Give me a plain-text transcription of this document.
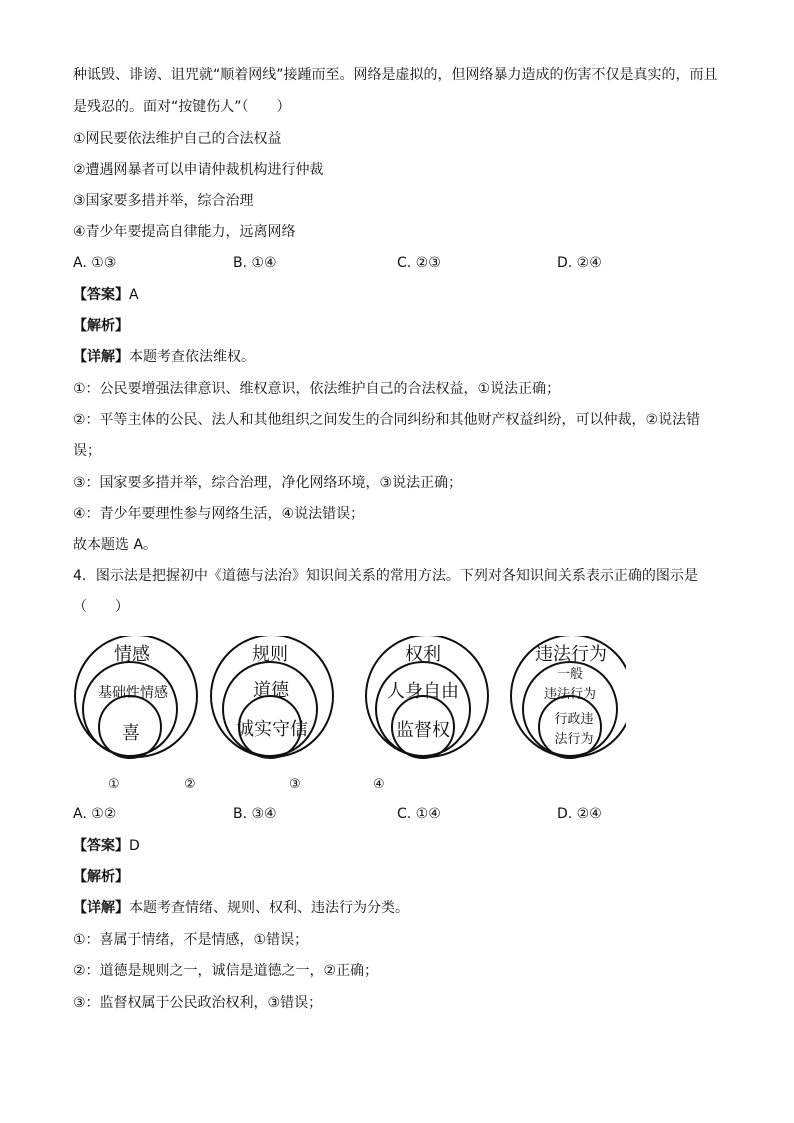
种诋毁、诽谤、诅咒就“顺着网线”接踵而至。网络是虚拟的，但网络暴力造成的伤害不仅是真实的，而且
是残忍的。面对“按键伤人”（　　）
①网民要依法维护自己的合法权益
②遭遇网暴者可以申请仲裁机构进行仲裁
③国家要多措并举，综合治理
④青少年要提高自律能力，远离网络
A. ①③	B. ①④	C. ②③	D. ②④
【答案】A
【解析】
【详解】本题考查依法维权。
①：公民要增强法律意识、维权意识，依法维护自己的合法权益，①说法正确；
②：平等主体的公民、法人和其他组织之间发生的合同纠纷和其他财产权益纠纷，可以仲裁，②说法错
误；
③：国家要多措并举，综合治理，净化网络环境，③说法正确；
④：青少年要理性参与网络生活，④说法错误；
故本题选 A。
4．图示法是把握初中《道德与法治》知识间关系的常用方法。下列对各知识间关系表示正确的图示是
（　　）
情感
基础性情感
喜
规则
道德
诚实守信
权利
人身自由
监督权
违法行为
一般
违法行为
行政违
法行为
①	②	③	④
A. ①②	B. ③④	C. ①④	D. ②④
【答案】D
【解析】
【详解】本题考查情绪、规则、权利、违法行为分类。
①：喜属于情绪，不是情感，①错误；
②：道德是规则之一，诚信是道德之一，②正确；
③：监督权属于公民政治权利，③错误；
